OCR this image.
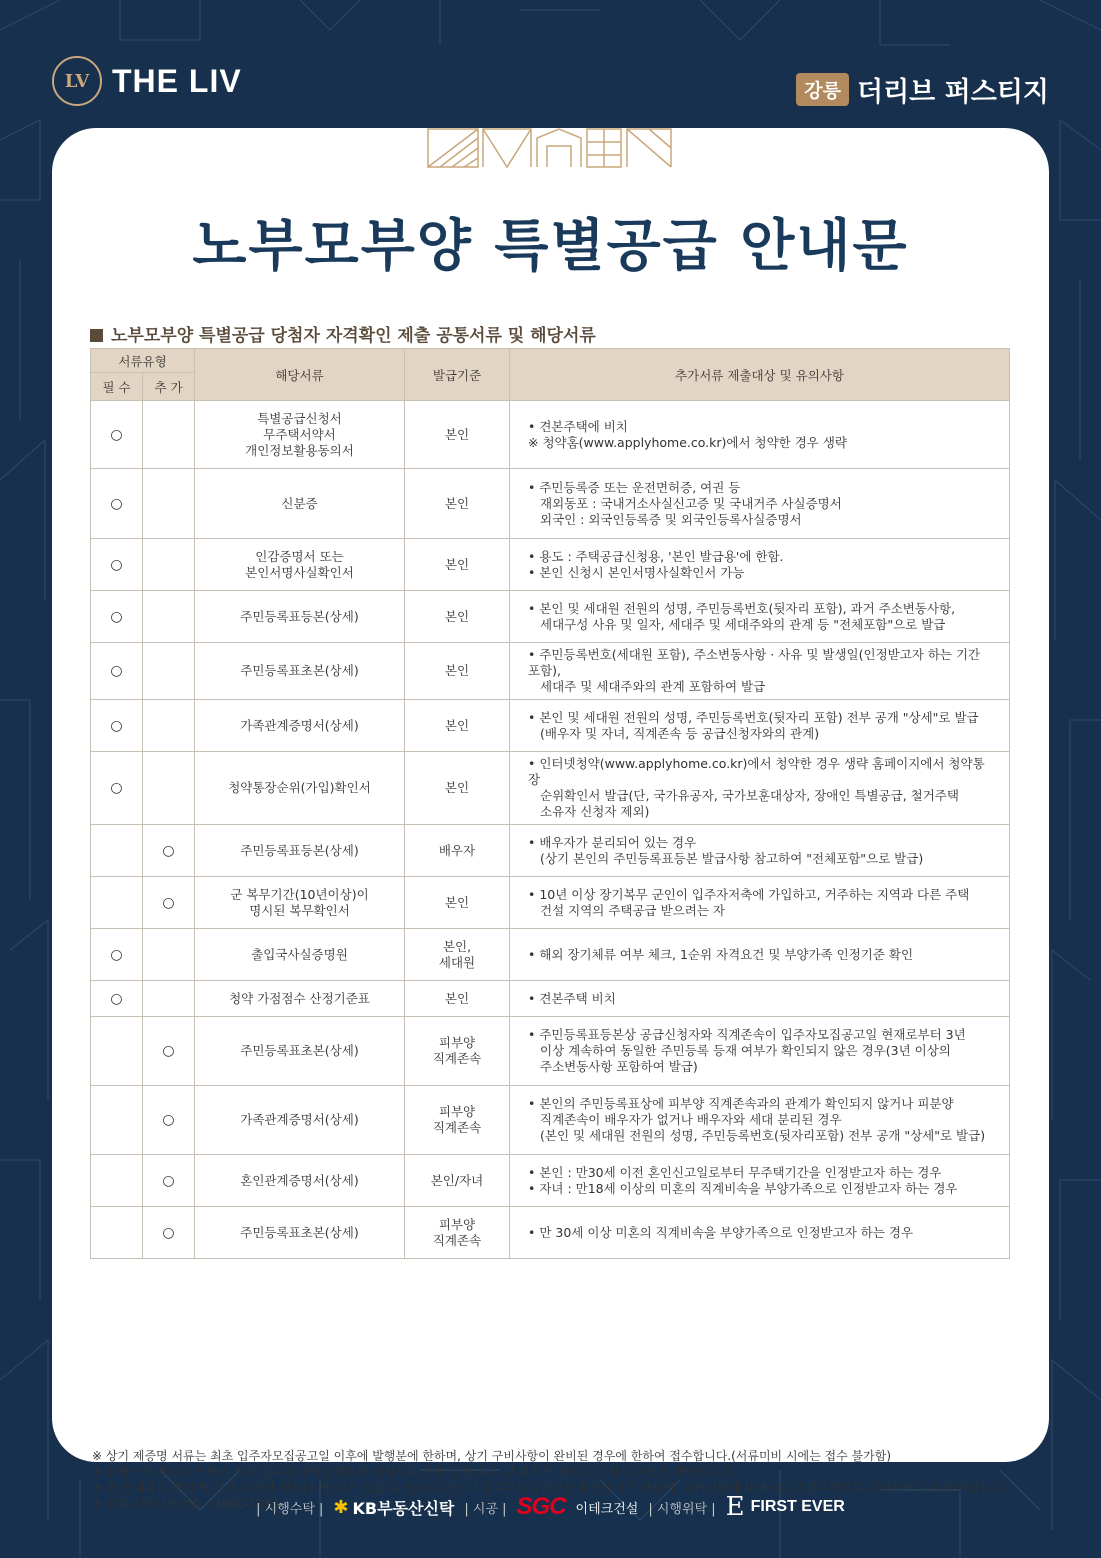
LV THE LIV	강릉 더리브 퍼스티지
노부모부양 특별공급 안내문
노부모부양 특별공급 당첨자 자격확인 제출 공통서류 및 해당서류
서류유형		해당서류	발급기준	추가서류 제출대상 및 유의사항
필 수	추 가			
○		특별공급신청서
무주택서약서
개인정보활용동의서	본인	• 견본주택에 비치
※ 청약홈(www.applyhome.co.kr)에서 청약한 경우 생략

○		신분증	본인	• 주민등록증 또는 운전면허증, 여권 등
재외동포 : 국내거소사실신고증 및 국내거주 사실증명서
외국인 : 외국인등록증 및 외국인등록사실증명서

○		인감증명서 또는
본인서명사실확인서	본인	• 용도 : 주택공급신청용, '본인 발급용'에 한함.
• 본인 신청시 본인서명사실확인서 가능

○		주민등록표등본(상세)	본인	• 본인 및 세대원 전원의 성명, 주민등록번호(뒷자리 포함), 과거 주소변동사항,
세대구성 사유 및 일자, 세대주 및 세대주와의 관계 등 "전체포함"으로 발급

○		주민등록표초본(상세)	본인	• 주민등록번호(세대원 포함), 주소변동사항 · 사유 및 발생일(인정받고자 하는 기간 포함),
세대주 및 세대주와의 관계 포함하여 발급

○		가족관계증명서(상세)	본인	• 본인 및 세대원 전원의 성명, 주민등록번호(뒷자리 포함) 전부 공개 "상세"로 발급
(배우자 및 자녀, 직계존속 등 공급신청자와의 관계)

○		청약통장순위(가입)확인서	본인	• 인터넷청약(www.applyhome.co.kr)에서 청약한 경우 생략 홈페이지에서 청약통장
순위확인서 발급(단, 국가유공자, 국가보훈대상자, 장애인 특별공급, 철거주택
소유자 신청자 제외)

	○	주민등록표등본(상세)	배우자	• 배우자가 분리되어 있는 경우
(상기 본인의 주민등록표등본 발급사항 참고하여 "전체포함"으로 발급)

	○	군 복무기간(10년이상)이
명시된 복무확인서	본인	• 10년 이상 장기복무 군인이 입주자저축에 가입하고, 거주하는 지역과 다른 주택
건설 지역의 주택공급 받으려는 자

○		출입국사실증명원	본인,
세대원	• 해외 장기체류 여부 체크, 1순위 자격요건 및 부양가족 인정기준 확인

○		청약 가점점수 산정기준표	본인	• 견본주택 비치

	○	주민등록표초본(상세)	피부양
직계존속	• 주민등록표등본상 공급신청자와 직계존속이 입주자모집공고일 현재로부터 3년
이상 계속하여 동일한 주민등록 등재 여부가 확인되지 않은 경우(3년 이상의
주소변동사항 포함하여 발급)

	○	가족관계증명서(상세)	피부양
직계존속	• 본인의 주민등록표상에 피부양 직계존속과의 관계가 확인되지 않거나 피분양
직계존속이 배우자가 없거나 배우자와 세대 분리된 경우
(본인 및 세대원 전원의 성명, 주민등록번호(뒷자리포함) 전부 공개 "상세"로 발급)

	○	혼인관계증명서(상세)	본인/자녀	• 본인 : 만30세 이전 혼인신고일로부터 무주택기간을 인정받고자 하는 경우
• 자녀 : 만18세 이상의 미혼의 직계비속을 부양가족으로 인정받고자 하는 경우

	○	주민등록표초본(상세)	피부양
직계존속	• 만 30세 이상 미혼의 직계비속을 부양가족으로 인정받고자 하는 경우
※ 상기 제증명 서류는 최초 입주자모집공고일 이후에 발행분에 한하며, 상기 구비사항이 완비된 경우에 한하여 접수합니다.(서류미비 시에는 접수 불가함)
※ 신청자의 착오로 인하여 잘못 접수된 청약신청분의 당첨으로 인한 당첨 취소 및 부적격 결과는 신청자 본인의 책임입니다.
※ 본 안내문은 편집 및 인쇄 과정상 착오(오탈자)가 있을 수 있으니 반드시 입주자모집공고를 확인하시기 바라며, 문의사항에 대해서는 견본주택으로 문의하여 주시기 바랍니다.
※ 견본주택 대표번호 : 1600-1311
| 시행수탁 | ✱ KB부동산신탁 | 시공 | SGC 이테크건설 | 시행위탁 | E FIRST EVER
